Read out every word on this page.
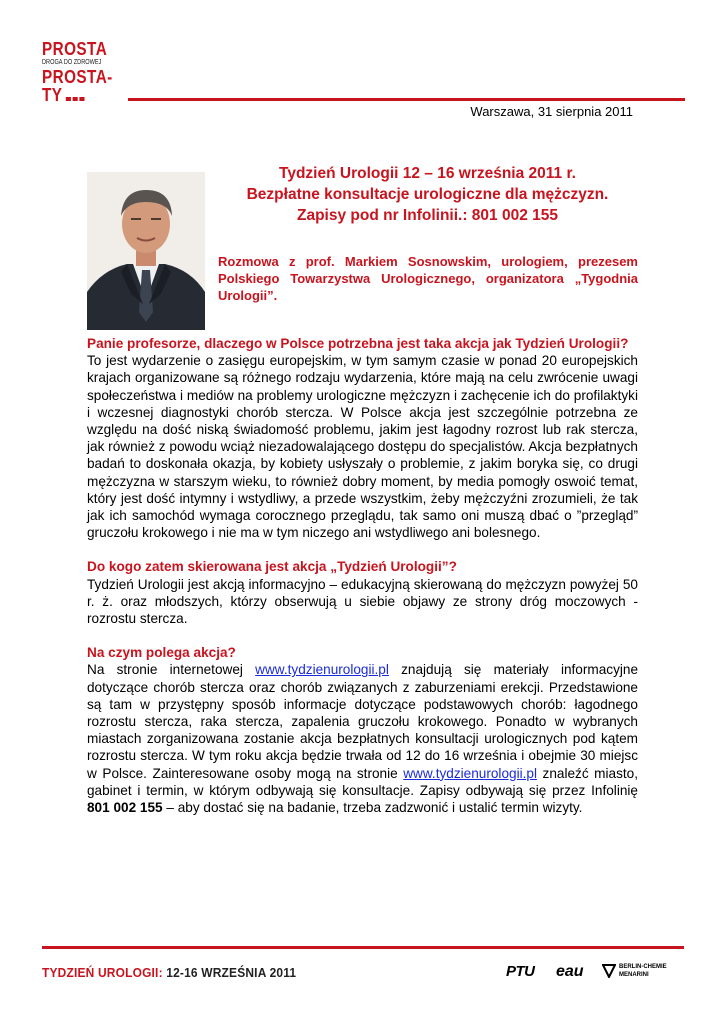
PROSTA
DROGA DO ZDROWEJ
PROSTA-
TY
Warszawa, 31 sierpnia 2011
Tydzień Urologii 12 – 16 września 2011 r.
Bezpłatne konsultacje urologiczne dla mężczyzn.
Zapisy pod nr Infolinii.: 801 002 155
Rozmowa z prof. Markiem Sosnowskim, urologiem, prezesem Polskiego Towarzystwa Urologicznego, organizatora „Tygodnia Urologii”.
Panie profesorze, dlaczego w Polsce potrzebna jest taka akcja jak Tydzień Urologii?

To jest wydarzenie o zasięgu europejskim, w tym samym czasie w ponad 20 europejskich krajach organizowane są różnego rodzaju wydarzenia, które mają na celu zwrócenie uwagi społeczeństwa i mediów na problemy urologiczne mężczyzn i zachęcenie ich do profilaktyki i wczesnej diagnostyki chorób stercza. W Polsce akcja jest szczególnie potrzebna ze względu na dość niską świadomość problemu, jakim jest łagodny rozrost lub rak stercza, jak również z powodu wciąż niezadowalającego dostępu do specjalistów. Akcja bezpłatnych badań to doskonała okazja, by kobiety usłyszały o problemie, z jakim boryka się, co drugi mężczyzna w starszym wieku, to również dobry moment, by media pomogły oswoić temat, który jest dość intymny i wstydliwy, a przede wszystkim, żeby mężczyźni zrozumieli, że tak jak ich samochód wymaga corocznego przeglądu, tak samo oni muszą dbać o ”przegląd” gruczołu krokowego i nie ma w tym niczego ani wstydliwego ani bolesnego.

Do kogo zatem skierowana jest akcja „Tydzień Urologii”?

Tydzień Urologii jest akcją informacyjno – edukacyjną skierowaną do mężczyzn powyżej 50 r. ż. oraz młodszych, którzy obserwują u siebie objawy ze strony dróg moczowych - rozrostu stercza.

Na czym polega akcja?

Na stronie internetowej www.tydzienurologii.pl znajdują się materiały informacyjne dotyczące chorób stercza oraz chorób związanych z zaburzeniami erekcji. Przedstawione są tam w przystępny sposób informacje dotyczące podstawowych chorób: łagodnego rozrostu stercza, raka stercza, zapalenia gruczołu krokowego. Ponadto w wybranych miastach zorganizowana zostanie akcja bezpłatnych konsultacji urologicznych pod kątem rozrostu stercza. W tym roku akcja będzie trwała od 12 do 16 września i obejmie 30 miejsc w Polsce. Zainteresowane osoby mogą na stronie www.tydzienurologii.pl znaleźć miasto, gabinet i termin, w którym odbywają się konsultacje. Zapisy odbywają się przez Infolinię 801 002 155 – aby dostać się na badanie, trzeba zadzwonić i ustalić termin wizyty.

TYDZIEŃ UROLOGII: 12-16 WRZEŚNIA 2011	PTU eau	BERLIN-CHEMIE
MENARINI
